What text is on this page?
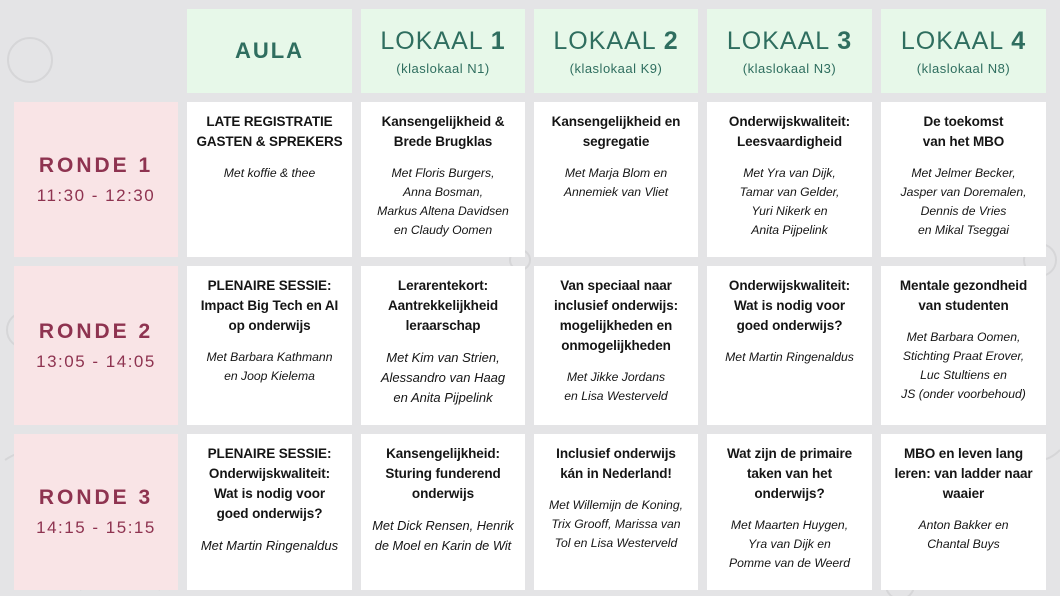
AULA	LOKAAL 1
(klaslokaal N1)
LOKAAL 2
(klaslokaal K9)
LOKAAL 3
(klaslokaal N3)
LOKAAL 4
(klaslokaal N8)
RONDE 1
11:30 - 12:30
LATE REGISTRATIE
GASTEN & SPREKERS
Met koffie & thee
Kansengelijkheid &
Brede Brugklas
Met Floris Burgers,
Anna Bosman,
Markus Altena Davidsen
en Claudy Oomen
Kansengelijkheid en
segregatie
Met Marja Blom en
Annemiek van Vliet
Onderwijskwaliteit:
Leesvaardigheid
Met Yra van Dijk,
Tamar van Gelder,
Yuri Nikerk en
Anita Pijpelink
De toekomst
van het MBO
Met Jelmer Becker,
Jasper van Doremalen,
Dennis de Vries
en Mikal Tseggai
RONDE 2
13:05 - 14:05
PLENAIRE SESSIE:
Impact Big Tech en AI
op onderwijs
Met Barbara Kathmann
en Joop Kielema
Lerarentekort:
Aantrekkelijkheid
leraarschap
Met Kim van Strien,
Alessandro van Haag
en Anita Pijpelink
Van speciaal naar
inclusief onderwijs:
mogelijkheden en
onmogelijkheden
Met Jikke Jordans
en Lisa Westerveld
Onderwijskwaliteit:
Wat is nodig voor
goed onderwijs?
Met Martin Ringenaldus
Mentale gezondheid
van studenten
Met Barbara Oomen,
Stichting Praat Erover,
Luc Stultiens en
JS (onder voorbehoud)
RONDE 3
14:15 - 15:15
PLENAIRE SESSIE:
Onderwijskwaliteit:
Wat is nodig voor
goed onderwijs?
Met Martin Ringenaldus
Kansengelijkheid:
Sturing funderend
onderwijs
Met Dick Rensen, Henrik
de Moel en Karin de Wit
Inclusief onderwijs
kán in Nederland!
Met Willemijn de Koning,
Trix Grooff, Marissa van
Tol en Lisa Westerveld
Wat zijn de primaire
taken van het
onderwijs?
Met Maarten Huygen,
Yra van Dijk en
Pomme van de Weerd
MBO en leven lang
leren: van ladder naar
waaier
Anton Bakker en
Chantal Buys
